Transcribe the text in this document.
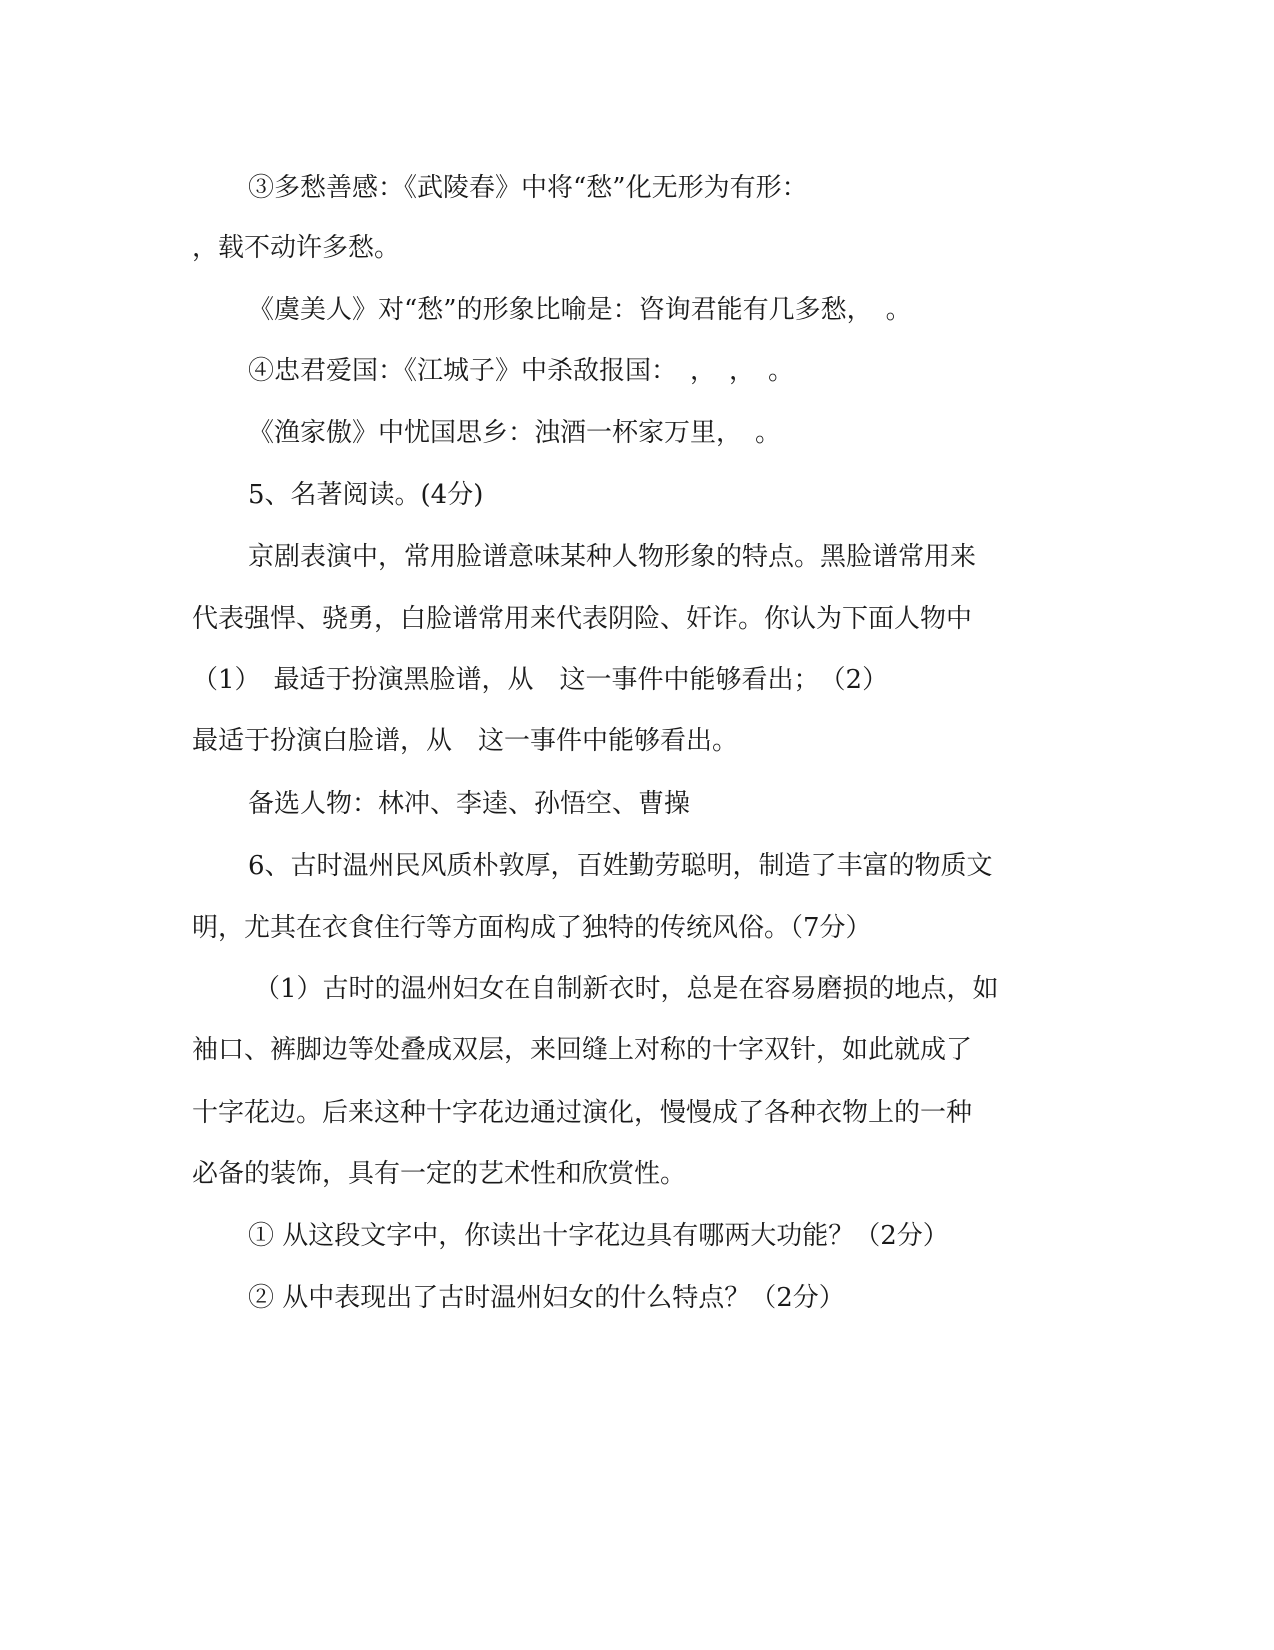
③多愁善感：《武陵春》中将“愁”化无形为有形：
，载不动许多愁。
《虞美人》对“愁”的形象比喻是：咨询君能有几多愁，　。
④忠君爱国：《江城子》中杀敌报国：　，　，　。
《渔家傲》中忧国思乡：浊酒一杯家万里，　。
5、名著阅读。(4分)
京剧表演中，常用脸谱意味某种人物形象的特点。黑脸谱常用来
代表强悍、骁勇，白脸谱常用来代表阴险、奸诈。你认为下面人物中
（1）　最适于扮演黑脸谱，从　这一事件中能够看出；　（2）
最适于扮演白脸谱，从　这一事件中能够看出。
备选人物：林冲、李逵、孙悟空、曹操
6、古时温州民风质朴敦厚，百姓勤劳聪明，制造了丰富的物质文
明，尤其在衣食住行等方面构成了独特的传统风俗。（7分）
（1）古时的温州妇女在自制新衣时，总是在容易磨损的地点，如
袖口、裤脚边等处叠成双层，来回缝上对称的十字双针，如此就成了
十字花边。后来这种十字花边通过演化，慢慢成了各种衣物上的一种
必备的装饰，具有一定的艺术性和欣赏性。
① 从这段文字中，你读出十字花边具有哪两大功能？（2分）
② 从中表现出了古时温州妇女的什么特点？（2分）
